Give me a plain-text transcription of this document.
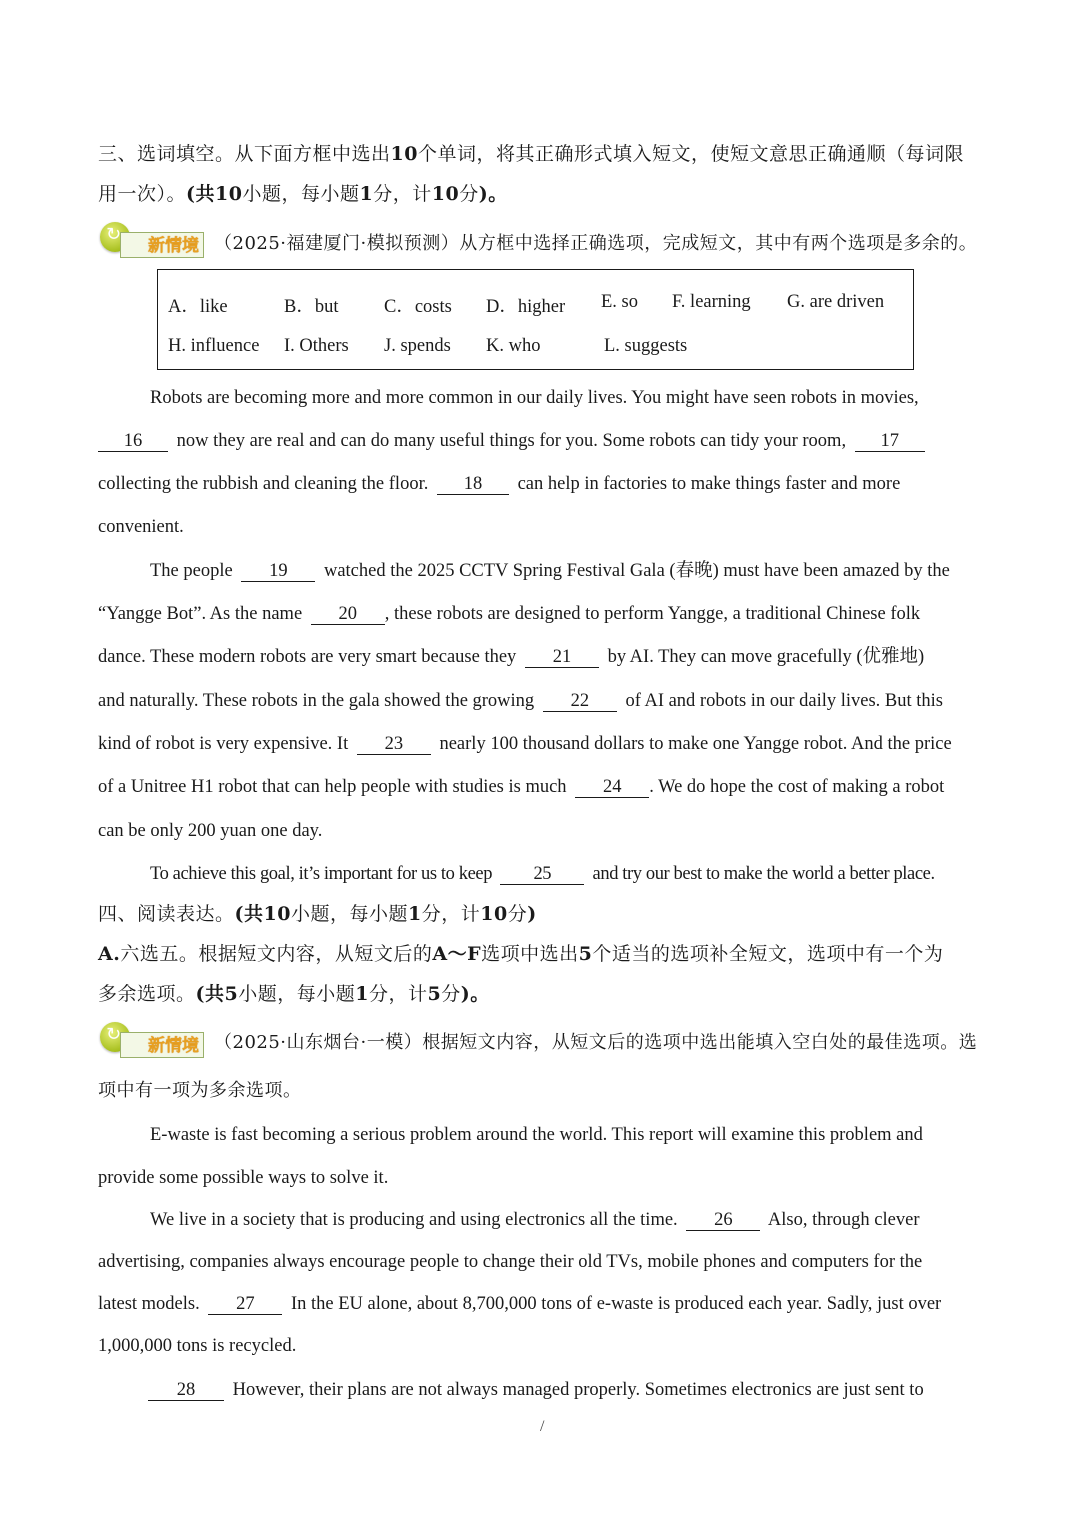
三、选词填空。从下面方框中选出10个单词，将其正确形式填入短文，使短文意思正确通顺（每词限
用一次）。(共10小题，每小题1分，计10分)。
↻
新情境 （2025·福建厦门·模拟预测）从方框中选择正确选项，完成短文，其中有两个选项是多余的。
A．like	B．but C．costs D．higher E. so F. learning G. are driven
H. influence I. Others J. spends K. who	L. suggests
Robots are becoming more and more common in our daily lives. You might have seen robots in movies,
16 now they are real and can do many useful things for you. Some robots can tidy your room, 17
collecting the rubbish and cleaning the floor. 18 can help in factories to make things faster and more
convenient.
The people 19 watched the 2025 CCTV Spring Festival Gala (春晚) must have been amazed by the
“Yangge Bot”. As the name 20 , these robots are designed to perform Yangge, a traditional Chinese folk
dance. These modern robots are very smart because they 21 by AI. They can move gracefully (优雅地)
and naturally. These robots in the gala showed the growing 22 of AI and robots in our daily lives. But this
kind of robot is very expensive. It 23 nearly 100 thousand dollars to make one Yangge robot. And the price
of a Unitree H1 robot that can help people with studies is much 24 . We do hope the cost of making a robot
can be only 200 yuan one day.
To achieve this goal, it’s important for us to keep 25 and try our best to make the world a better place.
四、阅读表达。(共10小题，每小题1分，计10分)
A.六选五。根据短文内容，从短文后的A～F选项中选出5个适当的选项补全短文，选项中有一个为
多余选项。(共5小题，每小题1分，计5分)。
↻
新情境 （2025·山东烟台·一模）根据短文内容，从短文后的选项中选出能填入空白处的最佳选项。选
项中有一项为多余选项。
E-waste is fast becoming a serious problem around the world. This report will examine this problem and
provide some possible ways to solve it.
We live in a society that is producing and using electronics all the time. 26 Also, through clever
advertising, companies always encourage people to change their old TVs, mobile phones and computers for the
latest models. 27 In the EU alone, about 8,700,000 tons of e-waste is produced each year. Sadly, just over
1,000,000 tons is recycled.
28 However, their plans are not always managed properly. Sometimes electronics are just sent to
/
